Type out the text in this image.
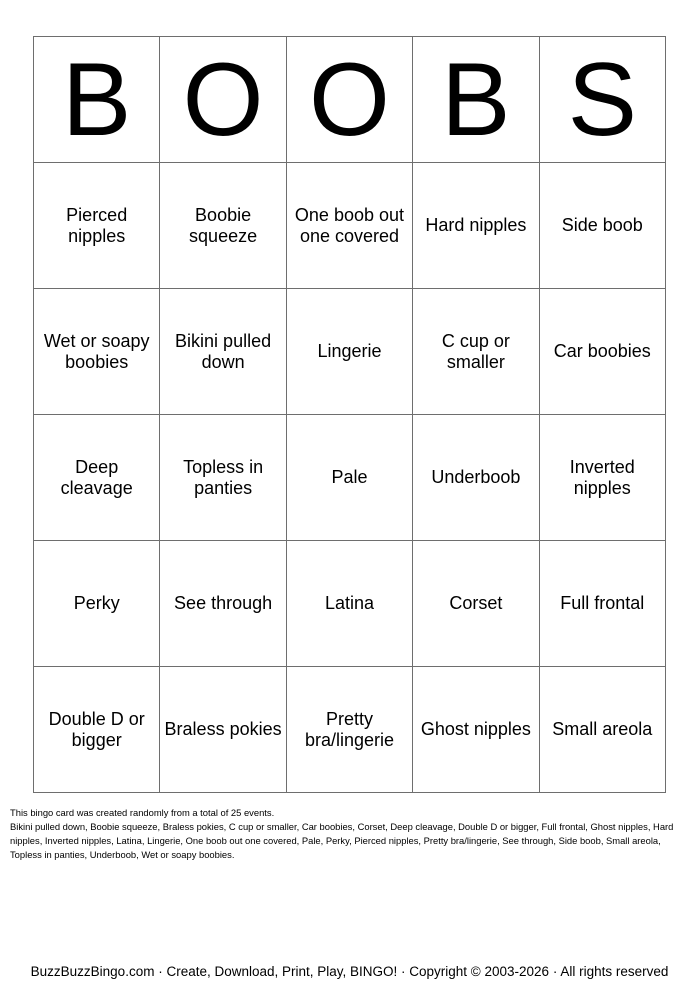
B	O	O	B	S
Pierced nipples	Boobie squeeze	One boob out one covered	Hard nipples	Side boob
Wet or soapy boobies	Bikini pulled down	Lingerie	C cup or smaller	Car boobies
Deep cleavage	Topless in panties	Pale	Underboob	Inverted nipples
Perky	See through	Latina	Corset	Full frontal
Double D or bigger	Braless pokies	Pretty bra/lingerie	Ghost nipples	Small areola

This bingo card was created randomly from a total of 25 events.

Bikini pulled down, Boobie squeeze, Braless pokies, C cup or smaller, Car boobies, Corset, Deep cleavage, Double D or bigger, Full frontal, Ghost nipples, Hard nipples, Inverted nipples, Latina, Lingerie, One boob out one covered, Pale, Perky, Pierced nipples, Pretty bra/lingerie, See through, Side boob, Small areola, Topless in panties, Underboob, Wet or soapy boobies.

BuzzBuzzBingo.com · Create, Download, Print, Play, BINGO! · Copyright © 2003-2026 · All rights reserved
